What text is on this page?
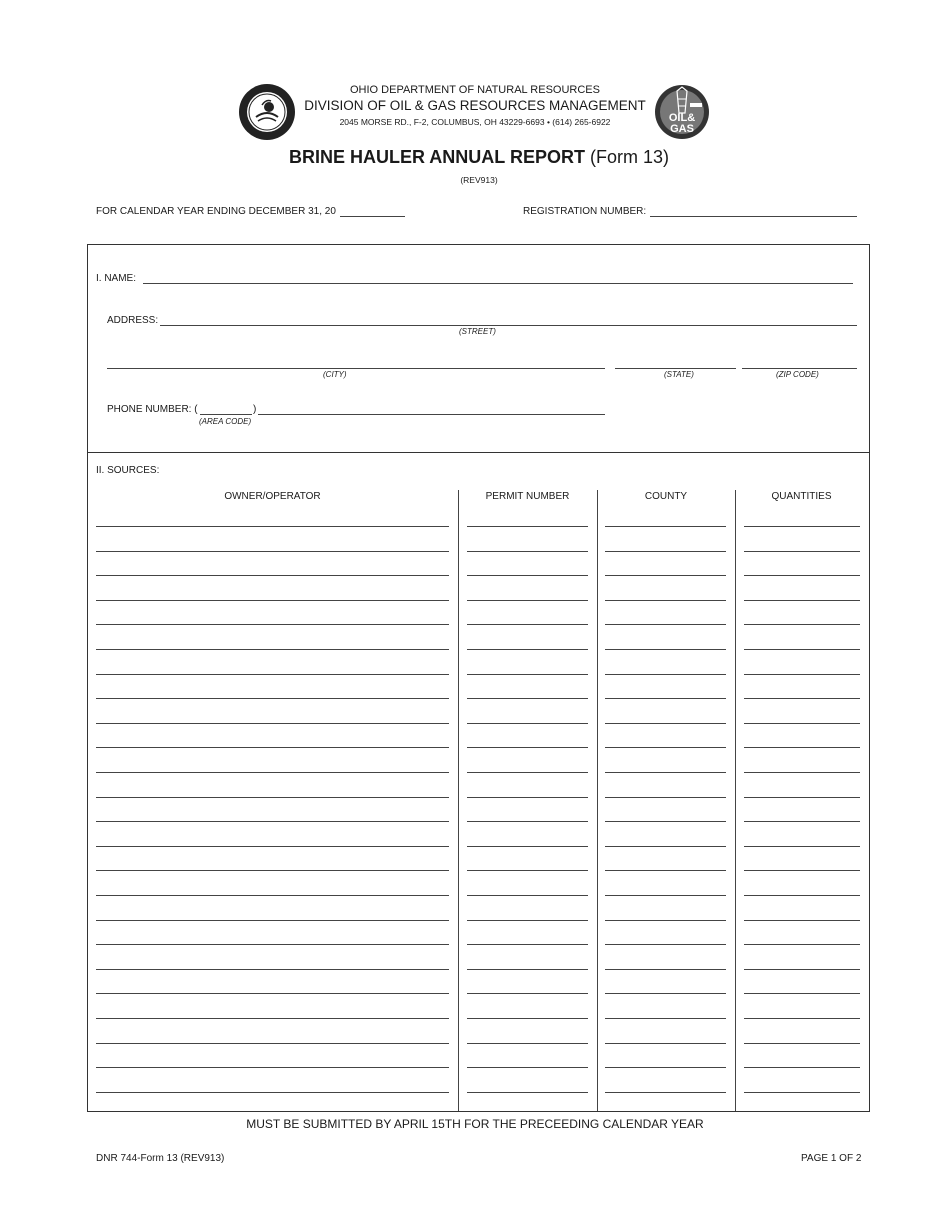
OHIO DEPARTMENT OF NATURAL RESOURCES
DIVISION OF OIL & GAS RESOURCES MANAGEMENT
2045 MORSE RD., F-2, COLUMBUS, OH 43229-6693 • (614) 265-6922	OIL&
GAS
BRINE HAULER ANNUAL REPORT (Form 13)
(REV913)
FOR CALENDAR YEAR ENDING DECEMBER 31, 20	REGISTRATION NUMBER:
I. NAME:
ADDRESS:
(STREET)
(CITY)	(STATE)	(ZIP CODE)
PHONE NUMBER: (	)
(AREA CODE)
II. SOURCES:
OWNER/OPERATOR	PERMIT NUMBER	COUNTY	QUANTITIES
MUST BE SUBMITTED BY APRIL 15TH FOR THE PRECEEDING CALENDAR YEAR
DNR 744-Form 13 (REV913)	PAGE 1 OF 2
